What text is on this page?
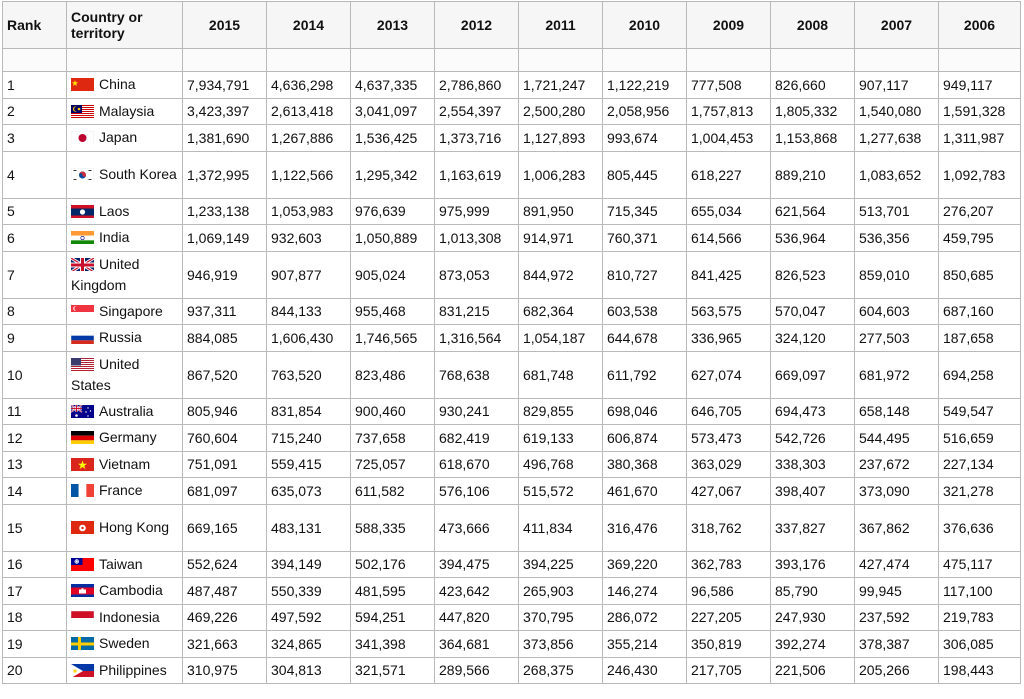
Rank	Country or territory	2015	2014	2013	2012	2011	2010	2009	2008	2007	2006

1	China	7,934,791	4,636,298	4,637,335	2,786,860	1,721,247	1,122,219	777,508	826,660	907,117	949,117
2	Malaysia	3,423,397	2,613,418	3,041,097	2,554,397	2,500,280	2,058,956	1,757,813	1,805,332	1,540,080	1,591,328
3	Japan	1,381,690	1,267,886	1,536,425	1,373,716	1,127,893	993,674	1,004,453	1,153,868	1,277,638	1,311,987
4	South Korea	1,372,995	1,122,566	1,295,342	1,163,619	1,006,283	805,445	618,227	889,210	1,083,652	1,092,783
5	Laos	1,233,138	1,053,983	976,639	975,999	891,950	715,345	655,034	621,564	513,701	276,207
6	India	1,069,149	932,603	1,050,889	1,013,308	914,971	760,371	614,566	536,964	536,356	459,795
7	United Kingdom	946,919	907,877	905,024	873,053	844,972	810,727	841,425	826,523	859,010	850,685
8	Singapore	937,311	844,133	955,468	831,215	682,364	603,538	563,575	570,047	604,603	687,160
9	Russia	884,085	1,606,430	1,746,565	1,316,564	1,054,187	644,678	336,965	324,120	277,503	187,658
10	United States	867,520	763,520	823,486	768,638	681,748	611,792	627,074	669,097	681,972	694,258
11	Australia	805,946	831,854	900,460	930,241	829,855	698,046	646,705	694,473	658,148	549,547
12	Germany	760,604	715,240	737,658	682,419	619,133	606,874	573,473	542,726	544,495	516,659
13	Vietnam	751,091	559,415	725,057	618,670	496,768	380,368	363,029	338,303	237,672	227,134
14	France	681,097	635,073	611,582	576,106	515,572	461,670	427,067	398,407	373,090	321,278
15	Hong Kong	669,165	483,131	588,335	473,666	411,834	316,476	318,762	337,827	367,862	376,636
16	Taiwan	552,624	394,149	502,176	394,475	394,225	369,220	362,783	393,176	427,474	475,117
17	Cambodia	487,487	550,339	481,595	423,642	265,903	146,274	96,586	85,790	99,945	117,100
18	Indonesia	469,226	497,592	594,251	447,820	370,795	286,072	227,205	247,930	237,592	219,783
19	Sweden	321,663	324,865	341,398	364,681	373,856	355,214	350,819	392,274	378,387	306,085
20	Philippines	310,975	304,813	321,571	289,566	268,375	246,430	217,705	221,506	205,266	198,443
